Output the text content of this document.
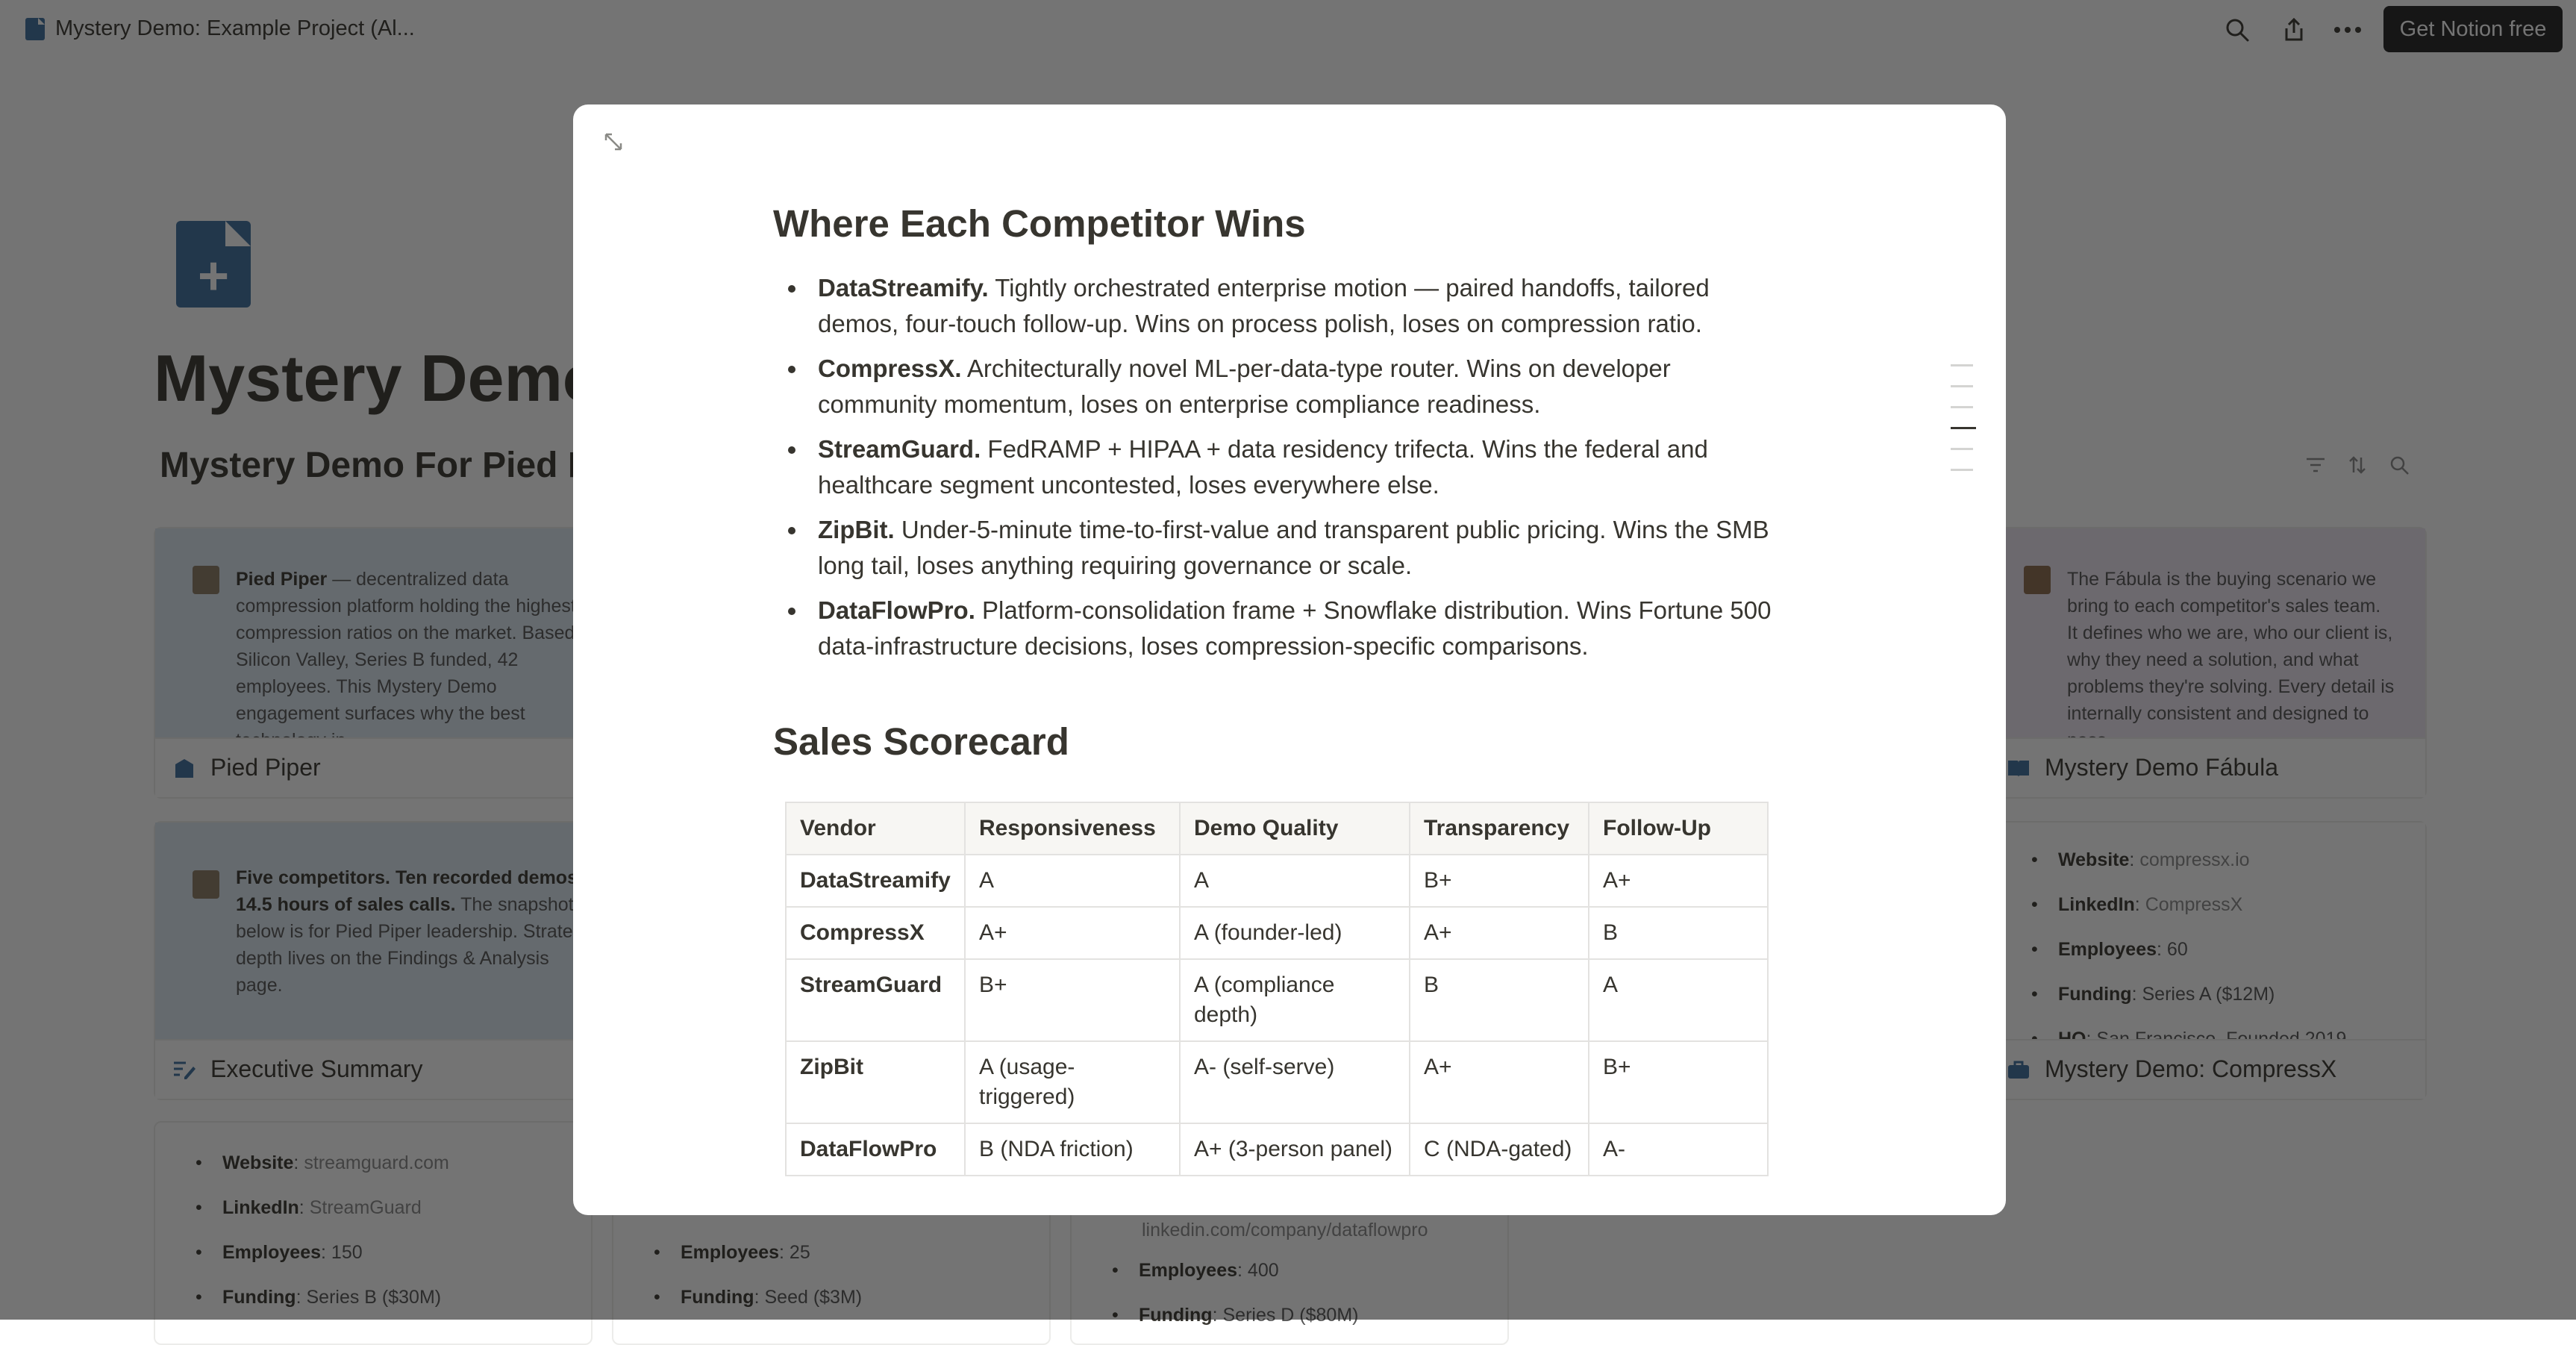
+
•
•
•
•
•
•
•
•
•
•
•
•
•
Where Each Competitor Wins
DataStreamify. Tightly orchestrated enterprise motion — paired handoffs, tailored demos, four-touch follow-up. Wins on process polish, loses on compression ratio.
CompressX. Architecturally novel ML-per-data-type router. Wins on developer community momentum, loses on enterprise compliance readiness.
StreamGuard. FedRAMP + HIPAA + data residency trifecta. Wins the federal and healthcare segment uncontested, loses everywhere else.
ZipBit. Under-5-minute time-to-first-value and transparent public pricing. Wins the SMB long tail, loses anything requiring governance or scale.
DataFlowPro. Platform-consolidation frame + Snowflake distribution. Wins Fortune 500 data-infrastructure decisions, loses compression-specific comparisons.
Sales Scorecard
Vendor	Responsiveness	Demo Quality	Transparency	Follow-Up
DataStreamify	A	A	B+	A+
CompressX	A+	A (founder-led)	A+	B
StreamGuard	B+	A (compliance depth)	B	A
ZipBit	A (usage-triggered)	A- (self-serve)	A+	B+
DataFlowPro	B (NDA friction)	A+ (3-person panel)	C (NDA-gated)	A-
